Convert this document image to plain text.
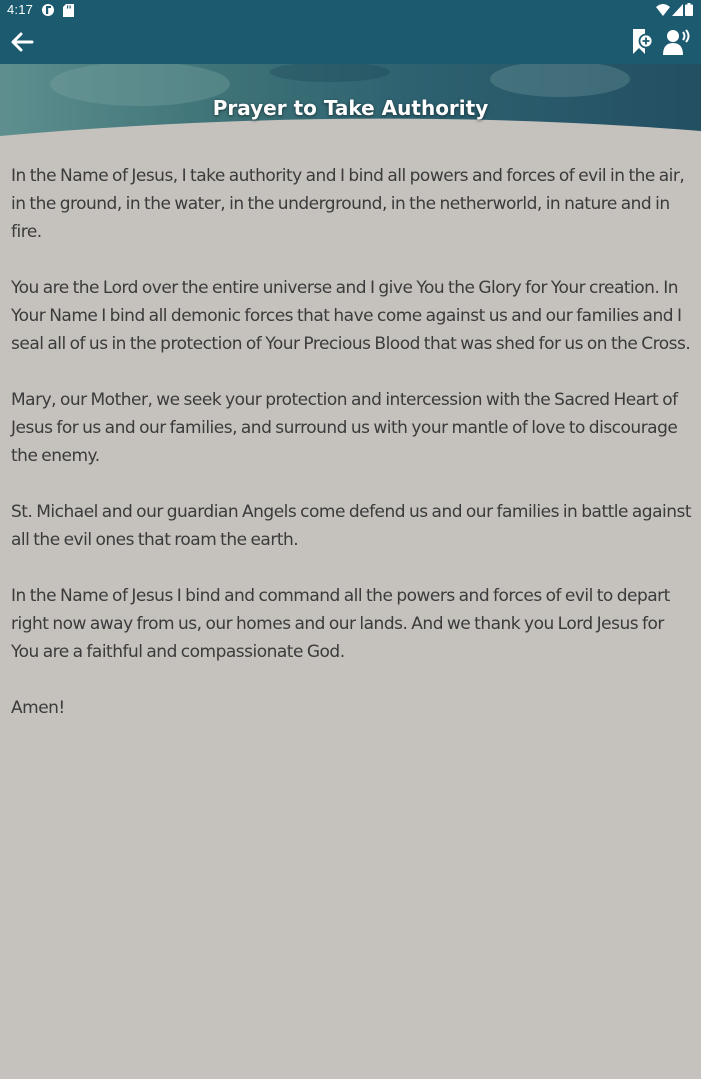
4:17
Prayer to Take Authority

In the Name of Jesus, I take authority and I bind all powers and forces of evil in the air, in the ground, in the water, in the underground, in the netherworld, in nature and in fire.

You are the Lord over the entire universe and I give You the Glory for Your creation. In Your Name I bind all demonic forces that have come against us and our families and I seal all of us in the protection of Your Precious Blood that was shed for us on the Cross.

Mary, our Mother, we seek your protection and intercession with the Sacred Heart of Jesus for us and our families, and surround us with your mantle of love to discourage the enemy.

St. Michael and our guardian Angels come defend us and our families in battle against all the evil ones that roam the earth.

In the Name of Jesus I bind and command all the powers and forces of evil to depart right now away from us, our homes and our lands. And we thank you Lord Jesus for You are a faithful and compassionate God.

Amen!
